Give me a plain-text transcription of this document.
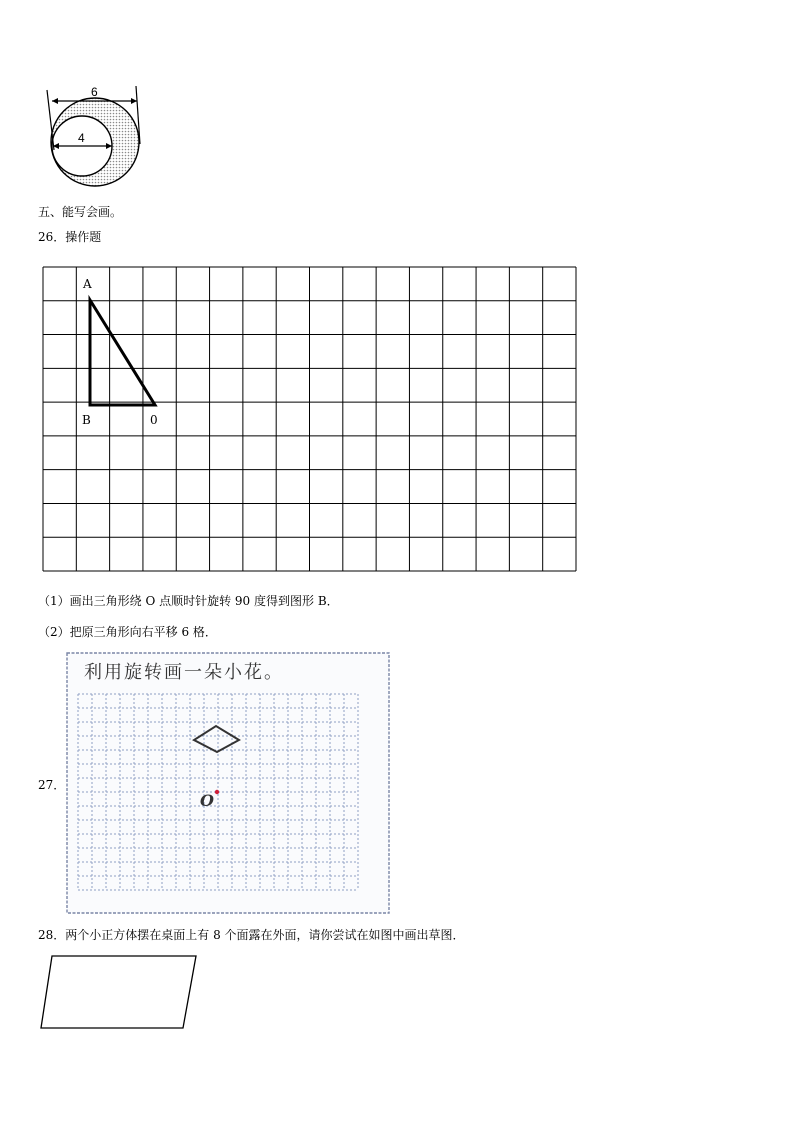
6
4
五、能写会画。
26．操作题
A
B	0
（1）画出三角形绕 O 点顺时针旋转 90 度得到图形 B．
（2）把原三角形向右平移 6 格．
27．
利用旋转画一朵小花。
O
28．两个小正方体摆在桌面上有 8 个面露在外面，请你尝试在如图中画出草图．
